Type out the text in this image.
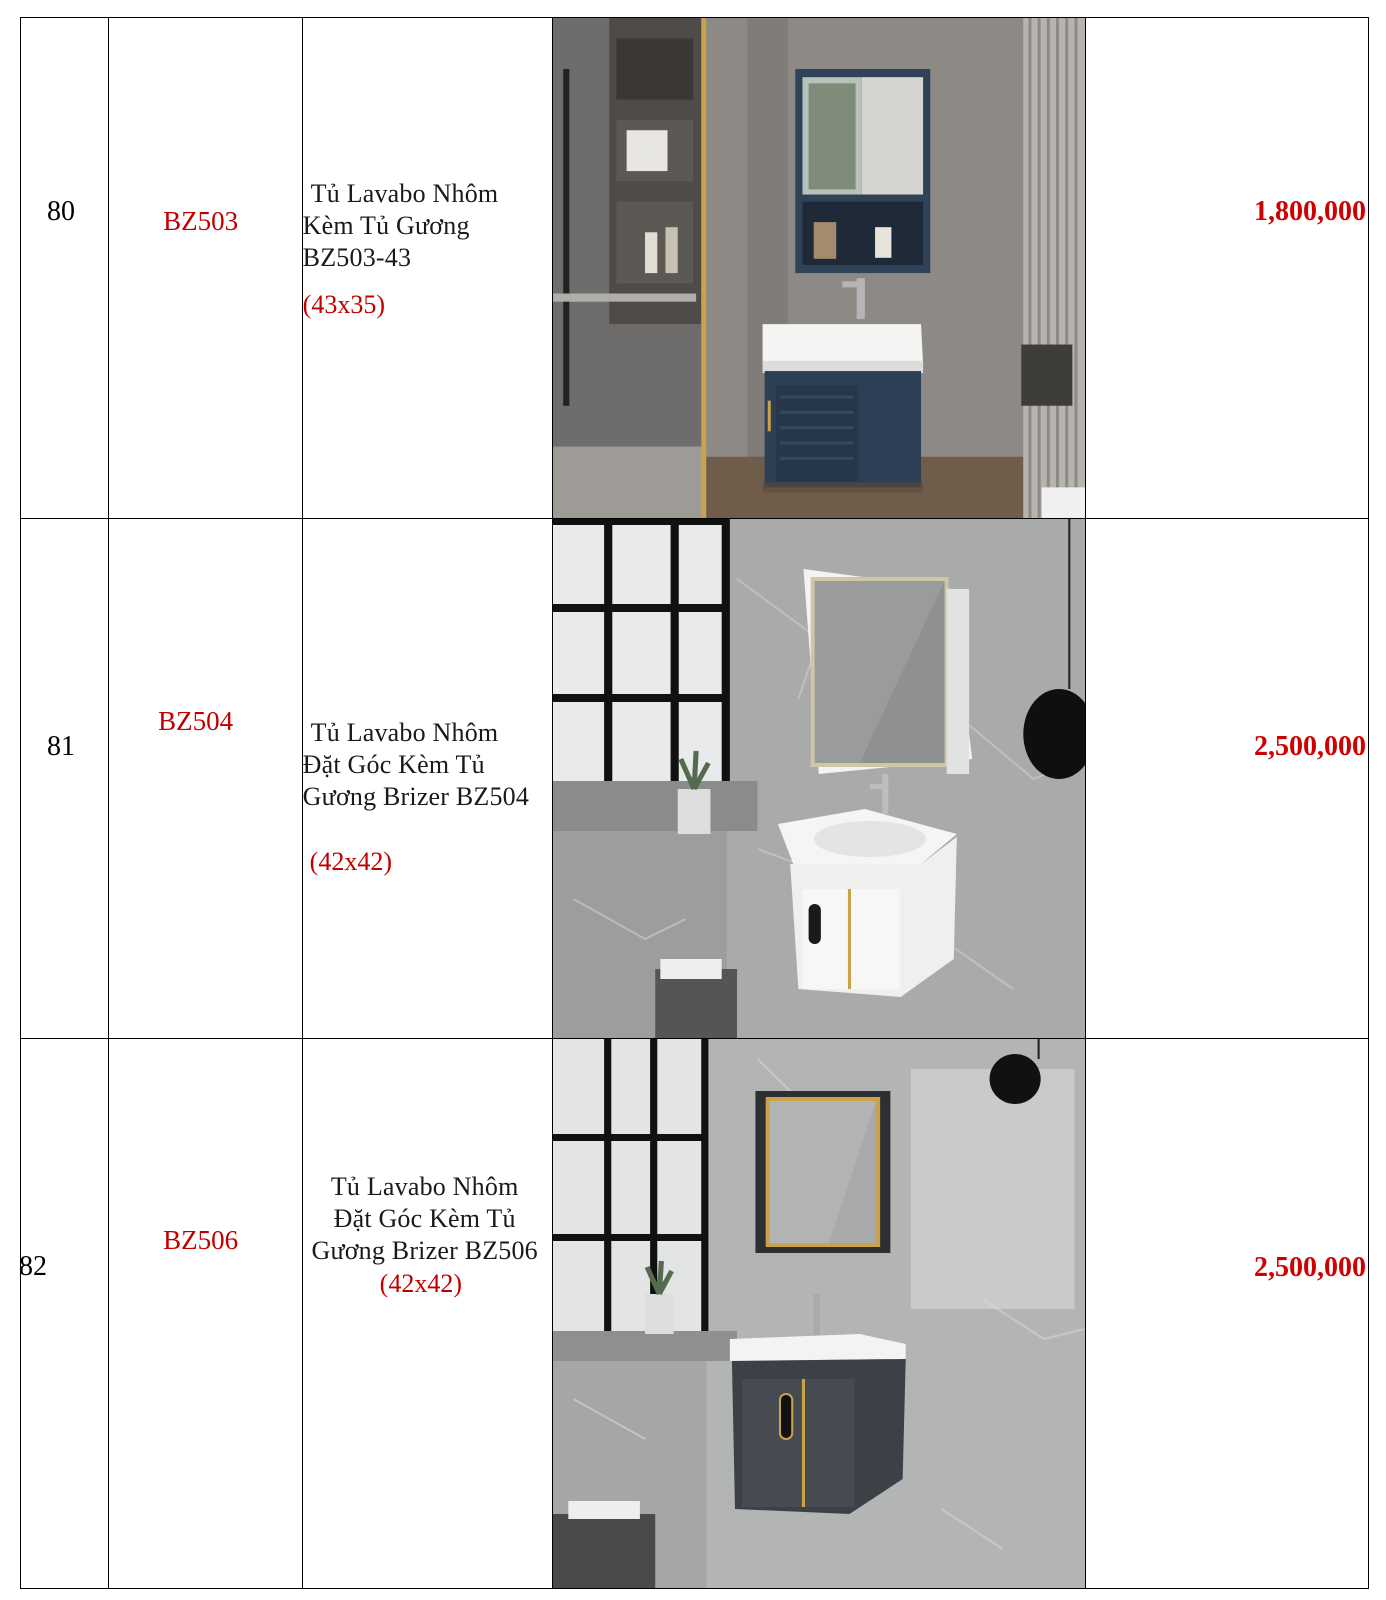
80	BZ503	Tủ Lavabo Nhôm
Kèm Tủ Gương
BZ503-43
(43x35)		1,800,000

81	BZ504	Tủ Lavabo Nhôm
Đặt Góc Kèm Tủ
Gương Brizer BZ504
(42x42)		2,500,000

82	BZ506	Tủ Lavabo Nhôm
Đặt Góc Kèm Tủ
Gương Brizer BZ506
(42x42)		2,500,000
